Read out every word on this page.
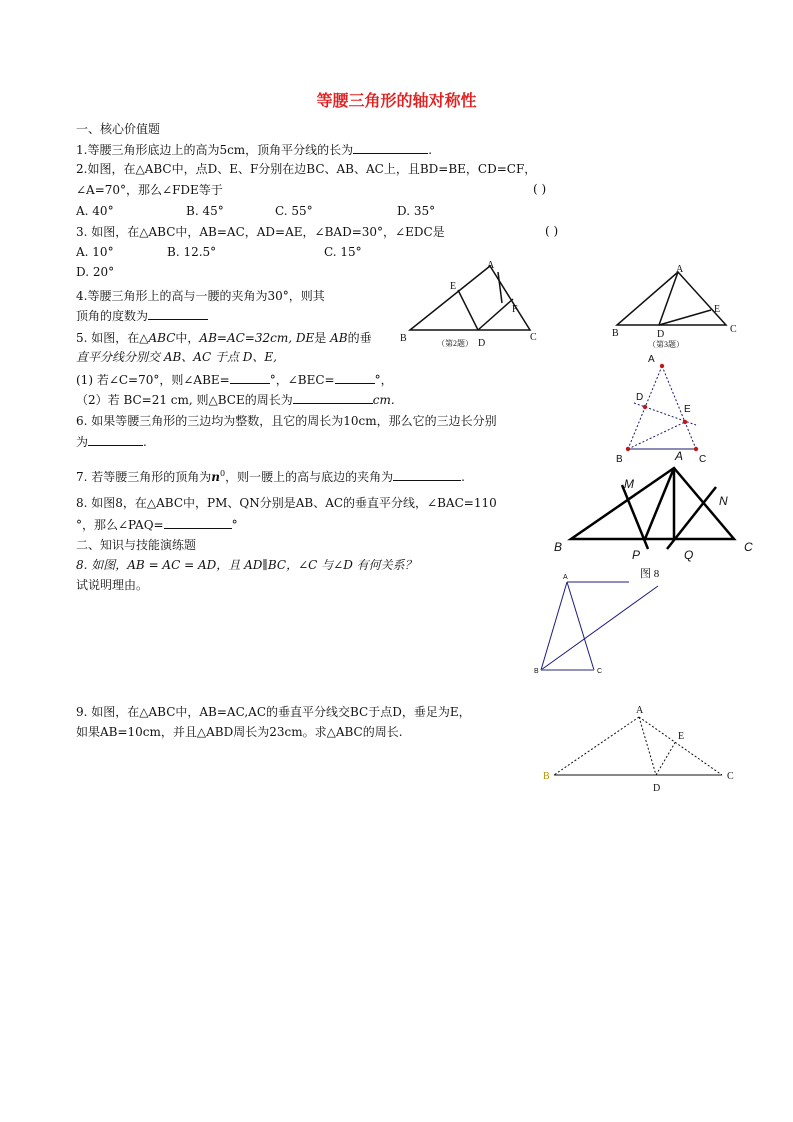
等腰三角形的轴对称性
一、核心价值题
1.等腰三角形底边上的高为5cm，顶角平分线的长为	.
2.如图，在△ABC中，点D、E、F分别在边BC、AB、AC上，且BD=BE，CD=CF，
∠A=70°，那么∠FDE等于	( )
A. 40°	B. 45°	C. 55°	D. 35°
3. 如图，在△ABC中，AB=AC，AD=AE，∠BAD=30°，∠EDC是	( )
A. 10°	B. 12.5°	C. 15°
D. 20°
4.等腰三角形上的高与一腰的夹角为30°，则其
顶角的度数为
5. 如图，在△ABC中，AB=AC=32cm, DE是 AB的垂
直平分线分别交 AB、AC 于点 D、E,
(1) 若∠C=70°，则∠ABE=	°，∠BEC=	°，
（2）若 BC=21 cm, 则△BCE的周长为	cm.
6. 如果等腰三角形的三边均为整数，且它的周长为10cm，那么它的三边长分别
为	.
7. 若等腰三角形的顶角为$n^0$，则一腰上的高与底边的夹角为	.
8. 如图8，在△ABC中，PM、QN分别是AB、AC的垂直平分线，∠BAC=110
°，那么∠PAQ=	°
二、知识与技能演练题
8. 如图，AB = AC = AD，且 AD∥BC，∠C 与∠D 有何关系？
试说明理由。
9. 如图，在△ABC中，AB=AC,AC的垂直平分线交BC于点D，垂足为E，
如果AB=10cm，并且△ABD周长为23cm。求△ABC的周长.
A
E
F
B	C
（第2题） D
A
E
B	D	C
（第3题）
A
D
E
B	C
A
M
N
B	C
P	Q
图 8
A
B	C
A
E
B
D
C
